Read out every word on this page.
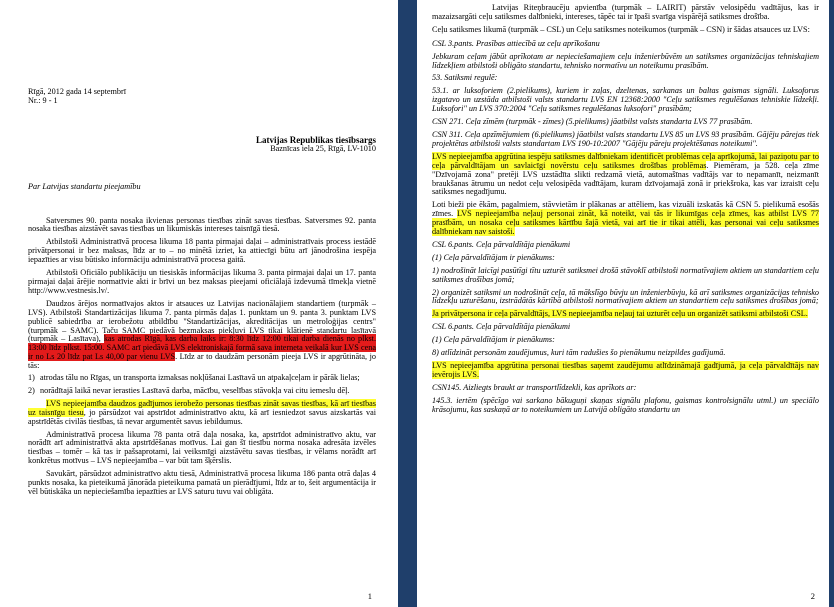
Rīgā, 2012 gada 14 septembrī

Nr.: 9 - 1

Latvijas Republikas tiesībsargs

Baznīcas iela 25, Rīgā, LV-1010

Par Latvijas standartu pieejamību

Satversmes 90. panta nosaka ikvienas personas tiesības zināt savas tiesības. Satversmes 92. panta nosaka tiesības aizstāvēt savas tiesības un likumiskās intereses taisnīgā tiesā.

Atbilstoši Administratīvā procesa likuma 18 panta pirmajai daļai – administratīvais process iestādē privātpersonai ir bez maksas, līdz ar to – no minētā izriet, ka attiecīgi būtu arī jānodrošina iespēja iepazīties ar visu būtisko informāciju administratīvā procesa gaitā.

Atbilstoši Oficiālo publikāciju un tiesiskās informācijas likuma 3. panta pirmajai daļai un 17. panta pirmajai daļai ārējie normatīvie akti ir brīvi un bez maksas pieejami oficiālajā izdevumā tīmekļa vietnē http://www.vestnesis.lv/.

Daudzos ārējos normatīvajos aktos ir atsauces uz Latvijas nacionālajiem standartiem (turpmāk – LVS). Atbilstoši Standartizācijas likuma 7. panta pirmās daļas 1. punktam un 9. panta 3. punktam LVS publicē sabiedrība ar ierobežotu atbildību "Standartizācijas, akreditācijas un metroloģijas centrs" (turpmāk – SAMC). Taču SAMC piedāvā bezmaksas piekļuvi LVS tikai klātienē standartu lasītavā (turpmāk – Lasītava), kas atrodas Rīgā, kas darba laiks ir: 8:30 līdz 12:00 tikai darba dienās no plkst. 13:00 līdz plkst. 15:00. SAMC arī piedāvā LVS elektroniskajā formā sava interneta veikalā kur LVS cena ir no Ls 20 līdz pat Ls 40,00 par vienu LVS. Līdz ar to daudzām personām pieeja LVS ir apgrūtināta, jo tās:

1) atrodas tālu no Rīgas, un transporta izmaksas nokļūšanai Lasītavā un atpakaļceļam ir pārāk lielas;
2) norādītajā laikā nevar ierasties Lasītavā darba, mācību, veselības stāvokļa vai citu iemeslu dēļ.

LVS nepieejamība daudzos gadījumos ierobežo personas tiesības zināt savas tiesības, kā arī tiesības uz taisnīgu tiesu, jo pārsūdzot vai apstrīdot administratīvo aktu, kā arī iesniedzot savus aizskartās vai apstrīdētās civilās tiesības, tā nevar argumentēt savus iebildumus.

Administratīvā procesa likuma 78 panta otrā daļa nosaka, ka, apstrīdot administratīvo aktu, var norādīt arī administratīvā akta apstrīdēšanas motīvus. Lai gan šī tiesību norma nosaka adresāta izvēles tiesības – tomēr – kā tas ir pašsaprotami, lai veiksmīgi aizstāvētu savas tiesības, ir vēlams norādīt arī konkrētus motīvus – LVS nepieejamība – var būt tam šķērslis.

Savukārt, pārsūdzot administratīvo aktu tiesā, Administratīvā procesa likuma 186 panta otrā daļas 4 punkts nosaka, ka pieteikumā jānorāda pieteikuma pamatā un pierādījumi, līdz ar to, šeit argumentācija ir vēl būtiskāka un nepieciešamība iepazīties ar LVS saturu tuvu vai obligāta.

1

Latvijas Riteņbraucēju apvienība (turpmāk – LAIRIT) pārstāv velosipēdu vadītājus, kas ir mazaizsargāti ceļu satiksmes dalībnieki, intereses, tāpēc tai ir īpaši svarīga vispārējā satiksmes drošība.

Ceļu satiksmes likumā (turpmāk – CSL) un Ceļu satiksmes noteikumos (turpmāk – CSN) ir šādas atsauces uz LVS:

CSL 3.pants. Prasības attiecībā uz ceļu aprīkošanu

Jebkuram ceļam jābūt aprīkotam ar nepieciešamajiem ceļu inženierbūvēm un satiksmes organizācijas tehniskajiem līdzekļiem atbilstoši obligāto standartu, tehnisko normatīvu un noteikumu prasībām.

53. Satiksmi regulē:

53.1. ar luksoforiem (2.pielikums), kuriem ir zaļas, dzeltenas, sarkanas un baltas gaismas signāli. Luksoforus izgatavo un uzstāda atbilstoši valsts standartu LVS EN 12368:2000 "Ceļu satiksmes regulēšanas tehniskie līdzekļi. Luksofori" un LVS 370:2004 "Ceļu satiksmes regulēšanas luksofori" prasībām;

CSN 271. Ceļa zīmēm (turpmāk - zīmes) (5.pielikums) jāatbilst valsts standarta LVS 77 prasībām.

CSN 311. Ceļa apzīmējumiem (6.pielikums) jāatbilst valsts standartu LVS 85 un LVS 93 prasībām. Gājēju pārejas tiek projektētas atbilstoši valsts standartam LVS 190-10:2007 "Gājēju pāreju projektēšanas noteikumi".

LVS nepieejamība apgrūtina iespēju satiksmes dalībniekam identificēt problēmas ceļa aprīkojumā, lai paziņotu par to ceļa pārvaldītājam un savlaicīgi novērstu ceļu satiksmes drošības problēmas. Piemēram, ja 528. ceļa zīme "Dzīvojamā zona" pretēji LVS uzstādīta slikti redzamā vietā, automašīnas vadītājs var to nepamanīt, neizmanīt braukšanas ātrumu un nedot ceļu velosipēda vadītājam, kuram dzīvojamajā zonā ir priekšroka, kas var izraisīt ceļu satiksmes negadījumu.

Loti bieži pie ēkām, pagalmiem, stāvvietām ir plākanas ar attēliem, kas vizuāli izskatās kā CSN 5. pielikumā esošās zīmes. LVS nepieejamība neļauj personai zināt, kā noteikt, vai tās ir likumīgas ceļa zīmes, kas atbilst LVS 77 prasībām, un nosaka ceļu satiksmes kārtību šajā vietā, vai arī tie ir tikai attēli, kas personai vai ceļu satiksmes dalībniekam nav saistoši.

CSL 6.pants. Ceļa pārvaldītāja pienākumi

(1) Ceļa pārvaldītājam ir pienākums:

1) nodrošināt laicīgi pasūtīgi tītu uzturēt satiksmei drošā stāvoklī atbilstoši normatīvajiem aktiem un standartiem ceļu satiksmes drošības jomā;

2) organizēt satiksmi un nodrošināt ceļa, tā mākslīgo būvju un inženierbūvju, kā arī satiksmes organizācijas tehnisko līdzekļu uzturēšanu, izstrādātās kārtībā atbilstoši normatīvajiem aktiem un standartiem ceļu satiksmes drošības jomā;

Ja privātpersona ir ceļa pārvaldītājs, LVS nepieejamība neļauj tai uzturēt ceļu un organizēt satiksmi atbilstoši CSL.

CSL 6.pants. Ceļa pārvaldītāja pienākumi

(1) Ceļa pārvaldītājam ir pienākums:

8) atlīdzināt personām zaudējumus, kuri tām radušies šo pienākumu neizpildes gadījumā.

LVS nepieejamība apgrūtina personai tiesības saņemt zaudējumu atlīdzināmajā gadījumā, ja ceļa pārvaldītājs nav ievērojis LVS.

CSN145. Aizliegts braukt ar transportlīdzekli, kas aprīkots ar:

145.3. iertēm (spēcīgo vai sarkano bākuguņi skaņas signālu plafonu, gaismas kontrolsignālu utml.) un speciālo krāsojumu, kas saskaņā ar to noteikumiem un Latvijā obligāto standartu un

2
